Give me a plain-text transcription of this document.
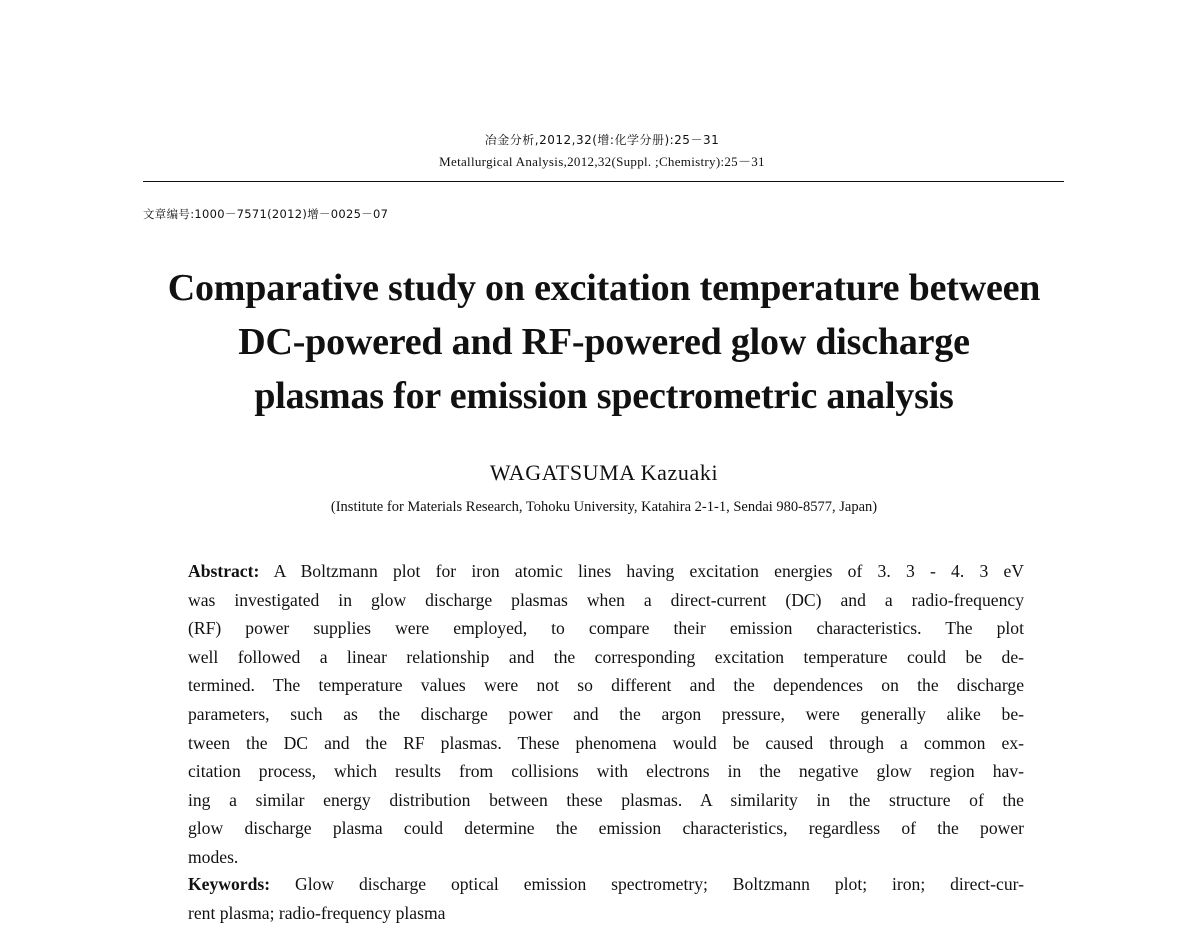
冶金分析,2012,32(增:化学分册):25－31
Metallurgical Analysis,2012,32(Suppl. ;Chemistry):25－31
文章编号:1000－7571(2012)增－0025－07
Comparative study on excitation temperature between
DC-powered and RF-powered glow discharge
plasmas for emission spectrometric analysis
WAGATSUMA Kazuaki
(Institute for Materials Research, Tohoku University, Katahira 2-1-1, Sendai 980-8577, Japan)
Abstract: A Boltzmann plot for iron atomic lines having excitation energies of 3. 3 - 4. 3 eV
was investigated in glow discharge plasmas when a direct-current (DC) and a radio-frequency
(RF) power supplies were employed, to compare their emission characteristics. The plot
well followed a linear relationship and the corresponding excitation temperature could be de-
termined. The temperature values were not so different and the dependences on the discharge
parameters, such as the discharge power and the argon pressure, were generally alike be-
tween the DC and the RF plasmas. These phenomena would be caused through a common ex-
citation process, which results from collisions with electrons in the negative glow region hav-
ing a similar energy distribution between these plasmas. A similarity in the structure of the
glow discharge plasma could determine the emission characteristics, regardless of the power
modes.
Keywords: Glow discharge optical emission spectrometry; Boltzmann plot; iron; direct-cur-
rent plasma; radio-frequency plasma
